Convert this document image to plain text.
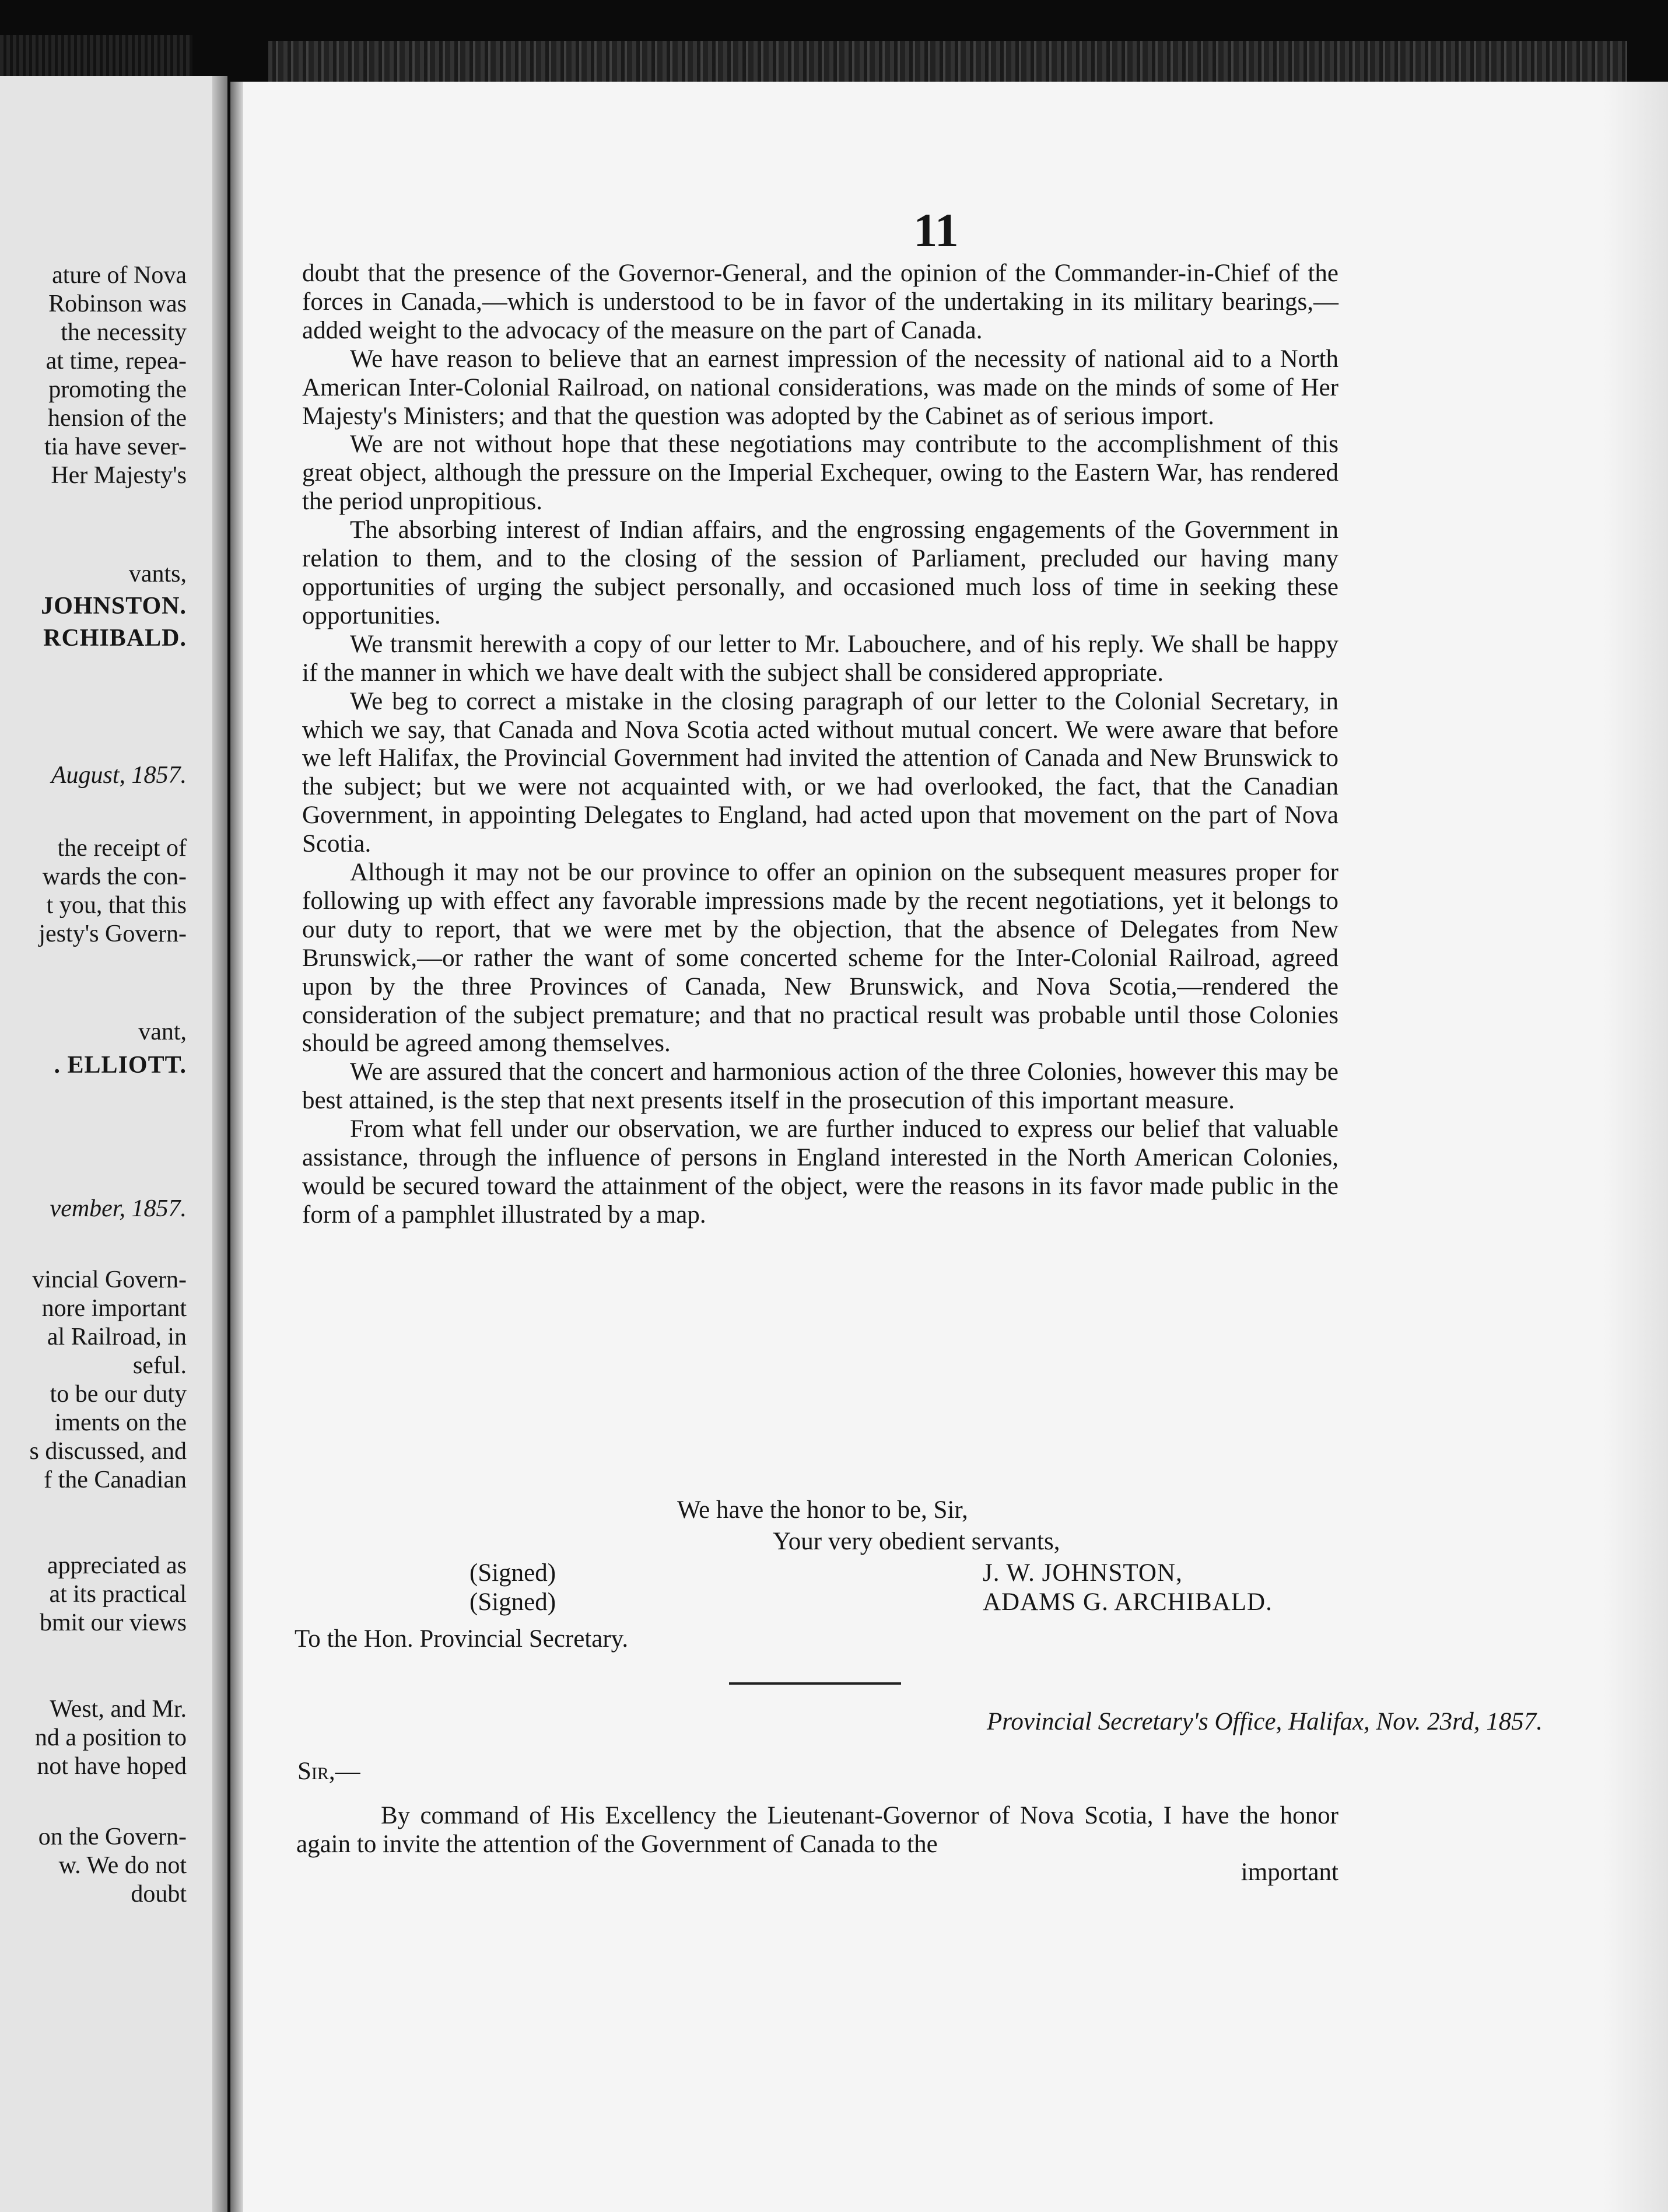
ature of Nova
Robinson was
the necessity
at time, repea-
promoting the
hension of the
tia have sever-
Her Majesty's
vants,
JOHNSTON.
RCHIBALD.
August, 1857.
the receipt of
wards the con-
t you, that this
jesty's Govern-
vant,
. ELLIOTT.
vember, 1857.
vincial Govern-
nore important
al Railroad, in
seful.
to be our duty
iments on the
s discussed, and
f the Canadian
appreciated as
at its practical
bmit our views
West, and Mr.
nd a position to
not have hoped
on the Govern-
w. We do not
doubt
11

doubt that the presence of the Governor-General, and the opinion of the Commander-in-Chief of the forces in Canada,—which is understood to be in favor of the undertaking in its military bearings,—added weight to the advocacy of the measure on the part of Canada.

We have reason to believe that an earnest impression of the necessity of national aid to a North American Inter-Colonial Railroad, on national considerations, was made on the minds of some of Her Majesty's Ministers; and that the question was adopted by the Cabinet as of serious import.

We are not without hope that these negotiations may contribute to the accomplishment of this great object, although the pressure on the Imperial Exchequer, owing to the Eastern War, has rendered the period unpropitious.

The absorbing interest of Indian affairs, and the engrossing engagements of the Government in relation to them, and to the closing of the session of Parliament, precluded our having many opportunities of urging the subject personally, and occasioned much loss of time in seeking these opportunities.

We transmit herewith a copy of our letter to Mr. Labouchere, and of his reply. We shall be happy if the manner in which we have dealt with the subject shall be considered appropriate.

We beg to correct a mistake in the closing paragraph of our letter to the Colonial Secretary, in which we say, that Canada and Nova Scotia acted without mutual concert. We were aware that before we left Halifax, the Provincial Government had invited the attention of Canada and New Brunswick to the subject; but we were not acquainted with, or we had overlooked, the fact, that the Canadian Government, in appointing Delegates to England, had acted upon that movement on the part of Nova Scotia.

Although it may not be our province to offer an opinion on the subsequent measures proper for following up with effect any favorable impressions made by the recent negotiations, yet it belongs to our duty to report, that we were met by the objection, that the absence of Delegates from New Brunswick,—or rather the want of some concerted scheme for the Inter-Colonial Railroad, agreed upon by the three Provinces of Canada, New Brunswick, and Nova Scotia,—rendered the consideration of the subject premature; and that no practical result was probable until those Colonies should be agreed among themselves.

We are assured that the concert and harmonious action of the three Colonies, however this may be best attained, is the step that next presents itself in the prosecution of this important measure.

From what fell under our observation, we are further induced to express our belief that valuable assistance, through the influence of persons in England interested in the North American Colonies, would be secured toward the attainment of the object, were the reasons in its favor made public in the form of a pamphlet illustrated by a map.

We have the honor to be, Sir,
Your very obedient servants,
(Signed)	J. W. JOHNSTON,
(Signed)	ADAMS G. ARCHIBALD.
To the Hon. Provincial Secretary.
Provincial Secretary's Office, Halifax, Nov. 23rd, 1857.
Sir,—

By command of His Excellency the Lieutenant-Governor of Nova Scotia, I have the honor again to invite the attention of the Government of Canada to the

important
